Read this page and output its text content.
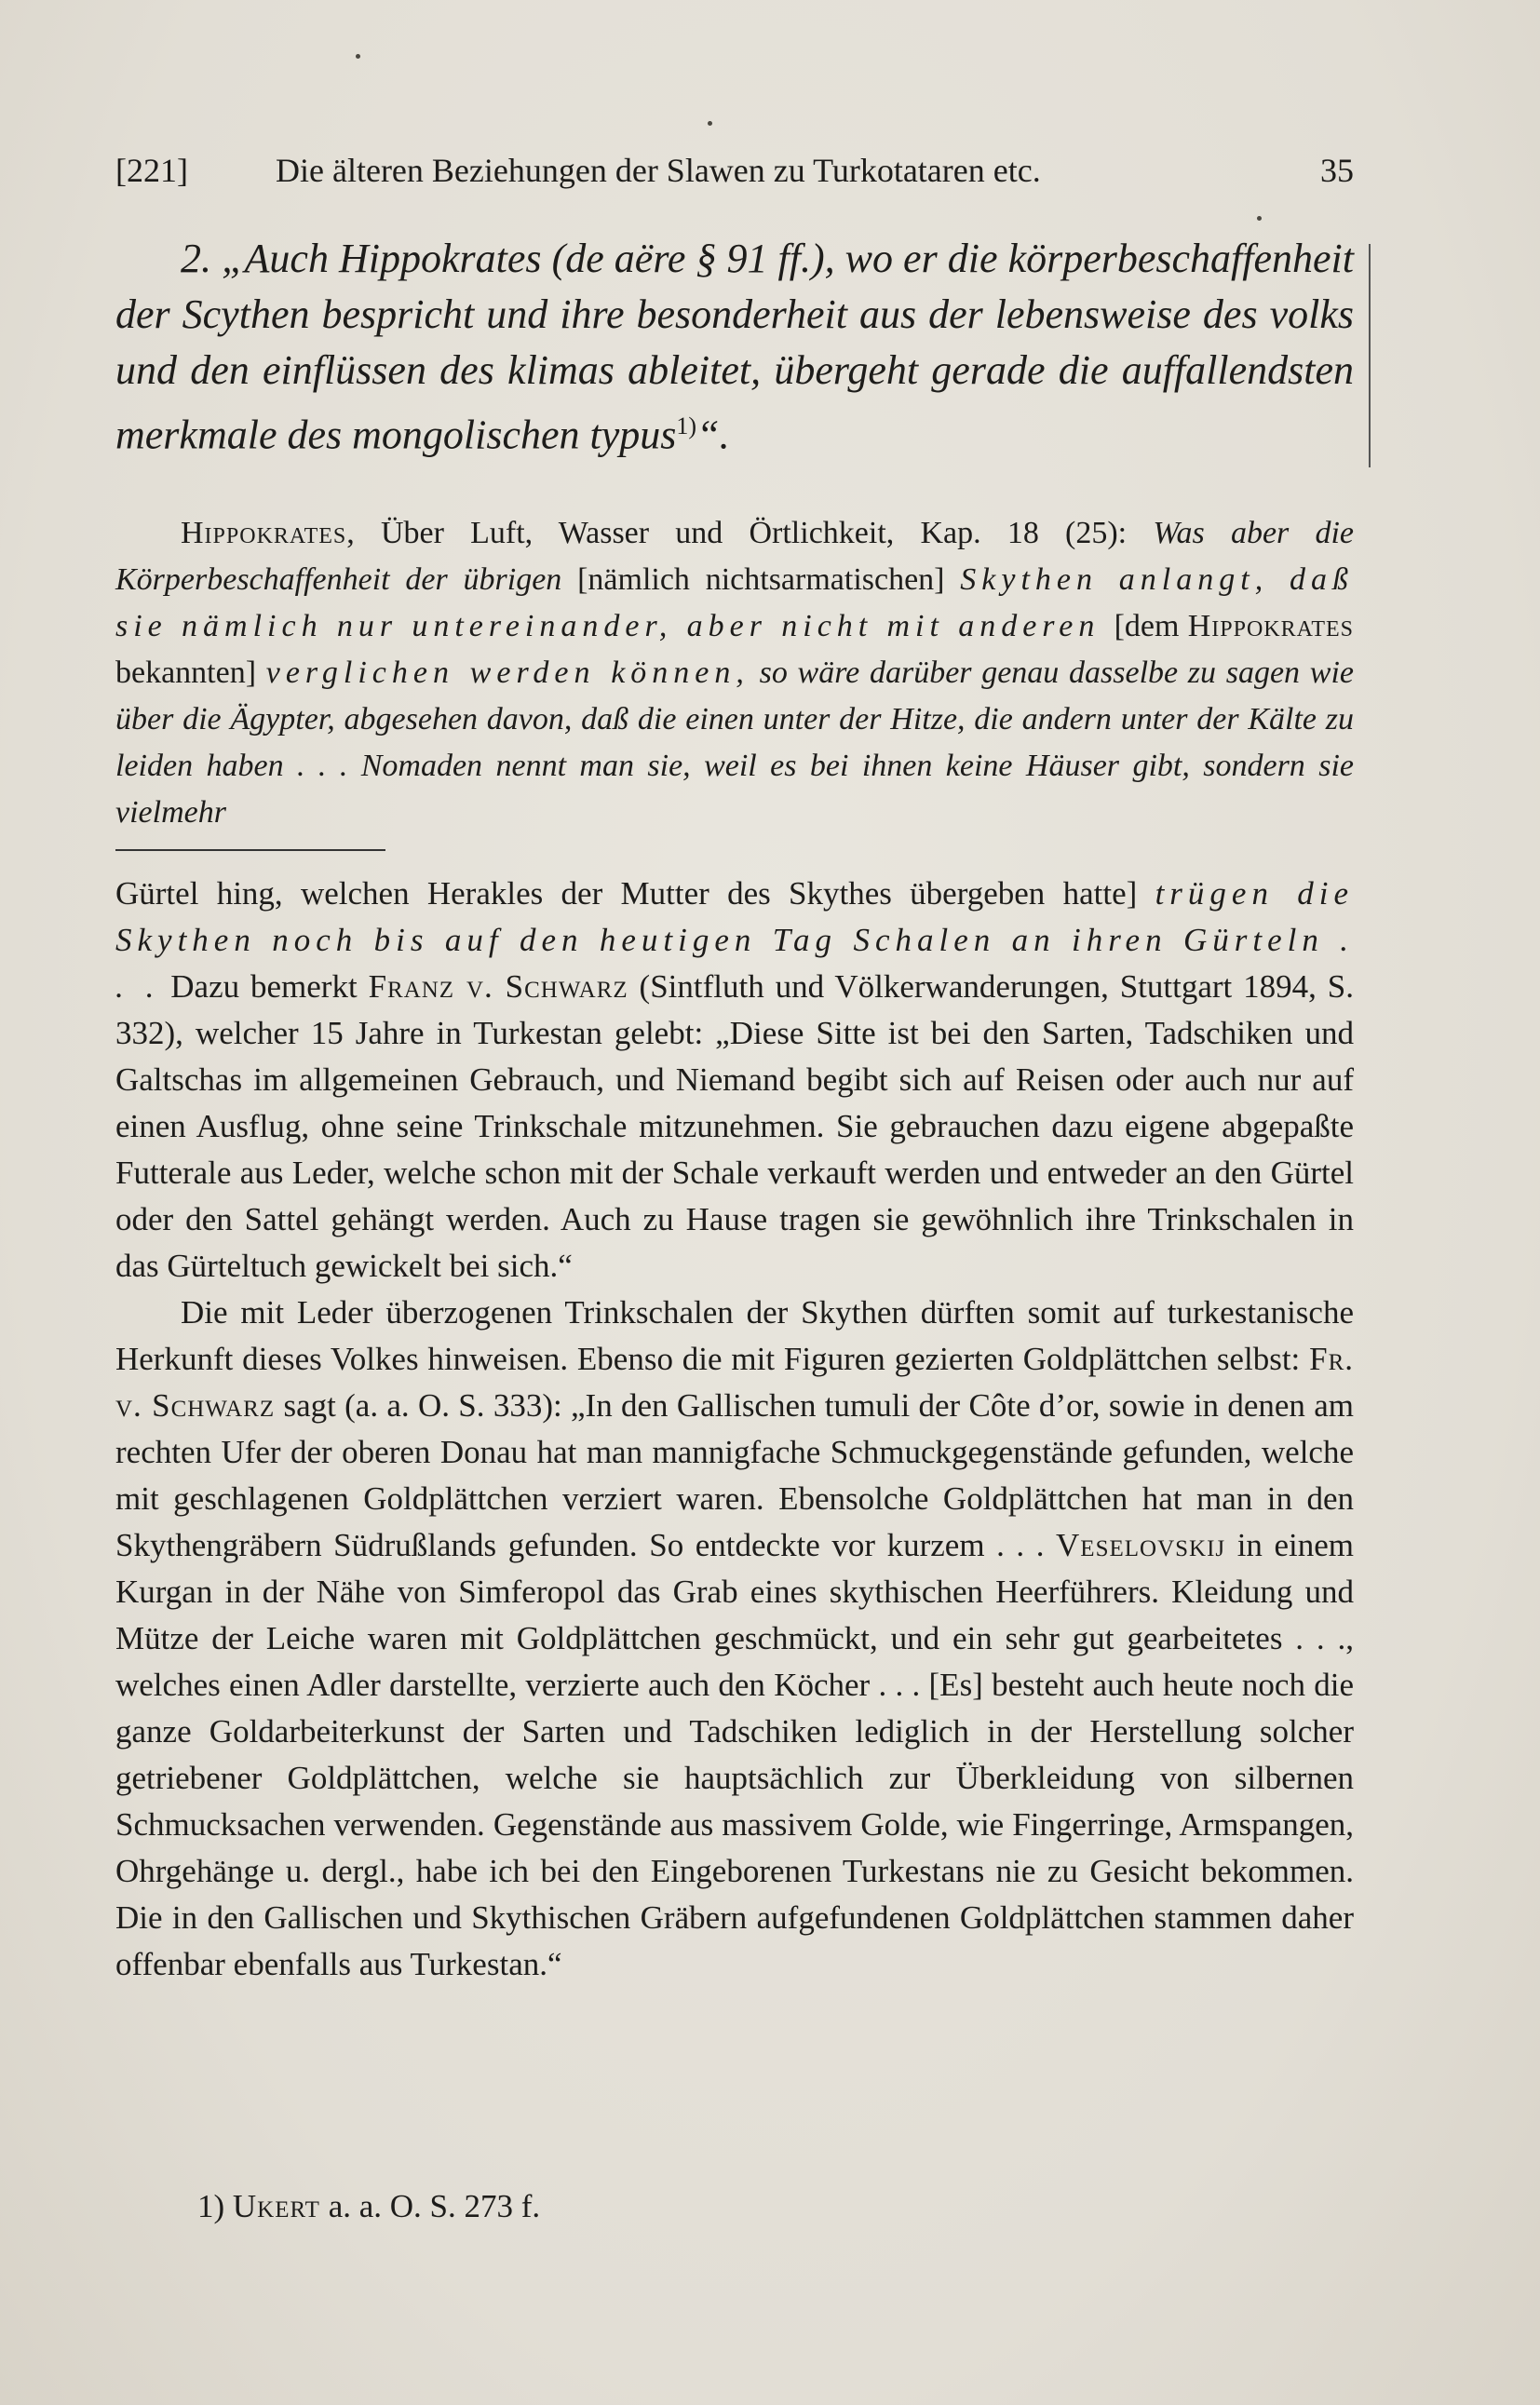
[221]	Die älteren Beziehungen der Slawen zu Turkotataren etc.	35

2. „Auch Hippokrates (de aëre § 91 ff.), wo er die körperbeschaffenheit der Scythen bespricht und ihre besonderheit aus der lebensweise des volks und den einflüssen des klimas ableitet, übergeht gerade die auffallendsten merkmale des mongolischen typus$^{1)}$“.

Hippokrates, Über Luft, Wasser und Örtlichkeit, Kap. 18 (25): Was aber die Körperbeschaffenheit der übrigen [nämlich nichtsarmatischen] Skythen anlangt, daß sie nämlich nur untereinander, aber nicht mit anderen [dem Hippokrates bekannten] verglichen werden können, so wäre darüber genau dasselbe zu sagen wie über die Ägypter, abgesehen davon, daß die einen unter der Hitze, die andern unter der Kälte zu leiden haben . . . Nomaden nennt man sie, weil es bei ihnen keine Häuser gibt, sondern sie vielmehr

Gürtel hing, welchen Herakles der Mutter des Skythes übergeben hatte] trügen die Skythen noch bis auf den heutigen Tag Schalen an ihren Gürteln . . . Dazu bemerkt Franz v. Schwarz (Sintfluth und Völkerwanderungen, Stuttgart 1894, S. 332), welcher 15 Jahre in Turkestan gelebt: „Diese Sitte ist bei den Sarten, Tadschiken und Galtschas im allgemeinen Gebrauch, und Niemand begibt sich auf Reisen oder auch nur auf einen Ausflug, ohne seine Trinkschale mitzunehmen. Sie gebrauchen dazu eigene abgepaßte Futterale aus Leder, welche schon mit der Schale verkauft werden und entweder an den Gürtel oder den Sattel gehängt werden. Auch zu Hause tragen sie gewöhnlich ihre Trinkschalen in das Gürteltuch gewickelt bei sich.“

Die mit Leder überzogenen Trinkschalen der Skythen dürften somit auf turkestanische Herkunft dieses Volkes hinweisen. Ebenso die mit Figuren gezierten Goldplättchen selbst: Fr. v. Schwarz sagt (a. a. O. S. 333): „In den Gallischen tumuli der Côte d’or, sowie in denen am rechten Ufer der oberen Donau hat man mannigfache Schmuckgegenstände gefunden, welche mit geschlagenen Goldplättchen verziert waren. Ebensolche Goldplättchen hat man in den Skythengräbern Südrußlands gefunden. So entdeckte vor kurzem . . . Veselovskij in einem Kurgan in der Nähe von Simferopol das Grab eines skythischen Heerführers. Kleidung und Mütze der Leiche waren mit Goldplättchen geschmückt, und ein sehr gut gearbeitetes . . ., welches einen Adler darstellte, verzierte auch den Köcher . . . [Es] besteht auch heute noch die ganze Goldarbeiterkunst der Sarten und Tadschiken lediglich in der Herstellung solcher getriebener Goldplättchen, welche sie hauptsächlich zur Überkleidung von silbernen Schmucksachen verwenden. Gegenstände aus massivem Golde, wie Fingerringe, Armspangen, Ohrgehänge u. dergl., habe ich bei den Eingeborenen Turkestans nie zu Gesicht bekommen. Die in den Gallischen und Skythischen Gräbern aufgefundenen Goldplättchen stammen daher offenbar ebenfalls aus Turkestan.“

1) Ukert a. a. O. S. 273 f.
